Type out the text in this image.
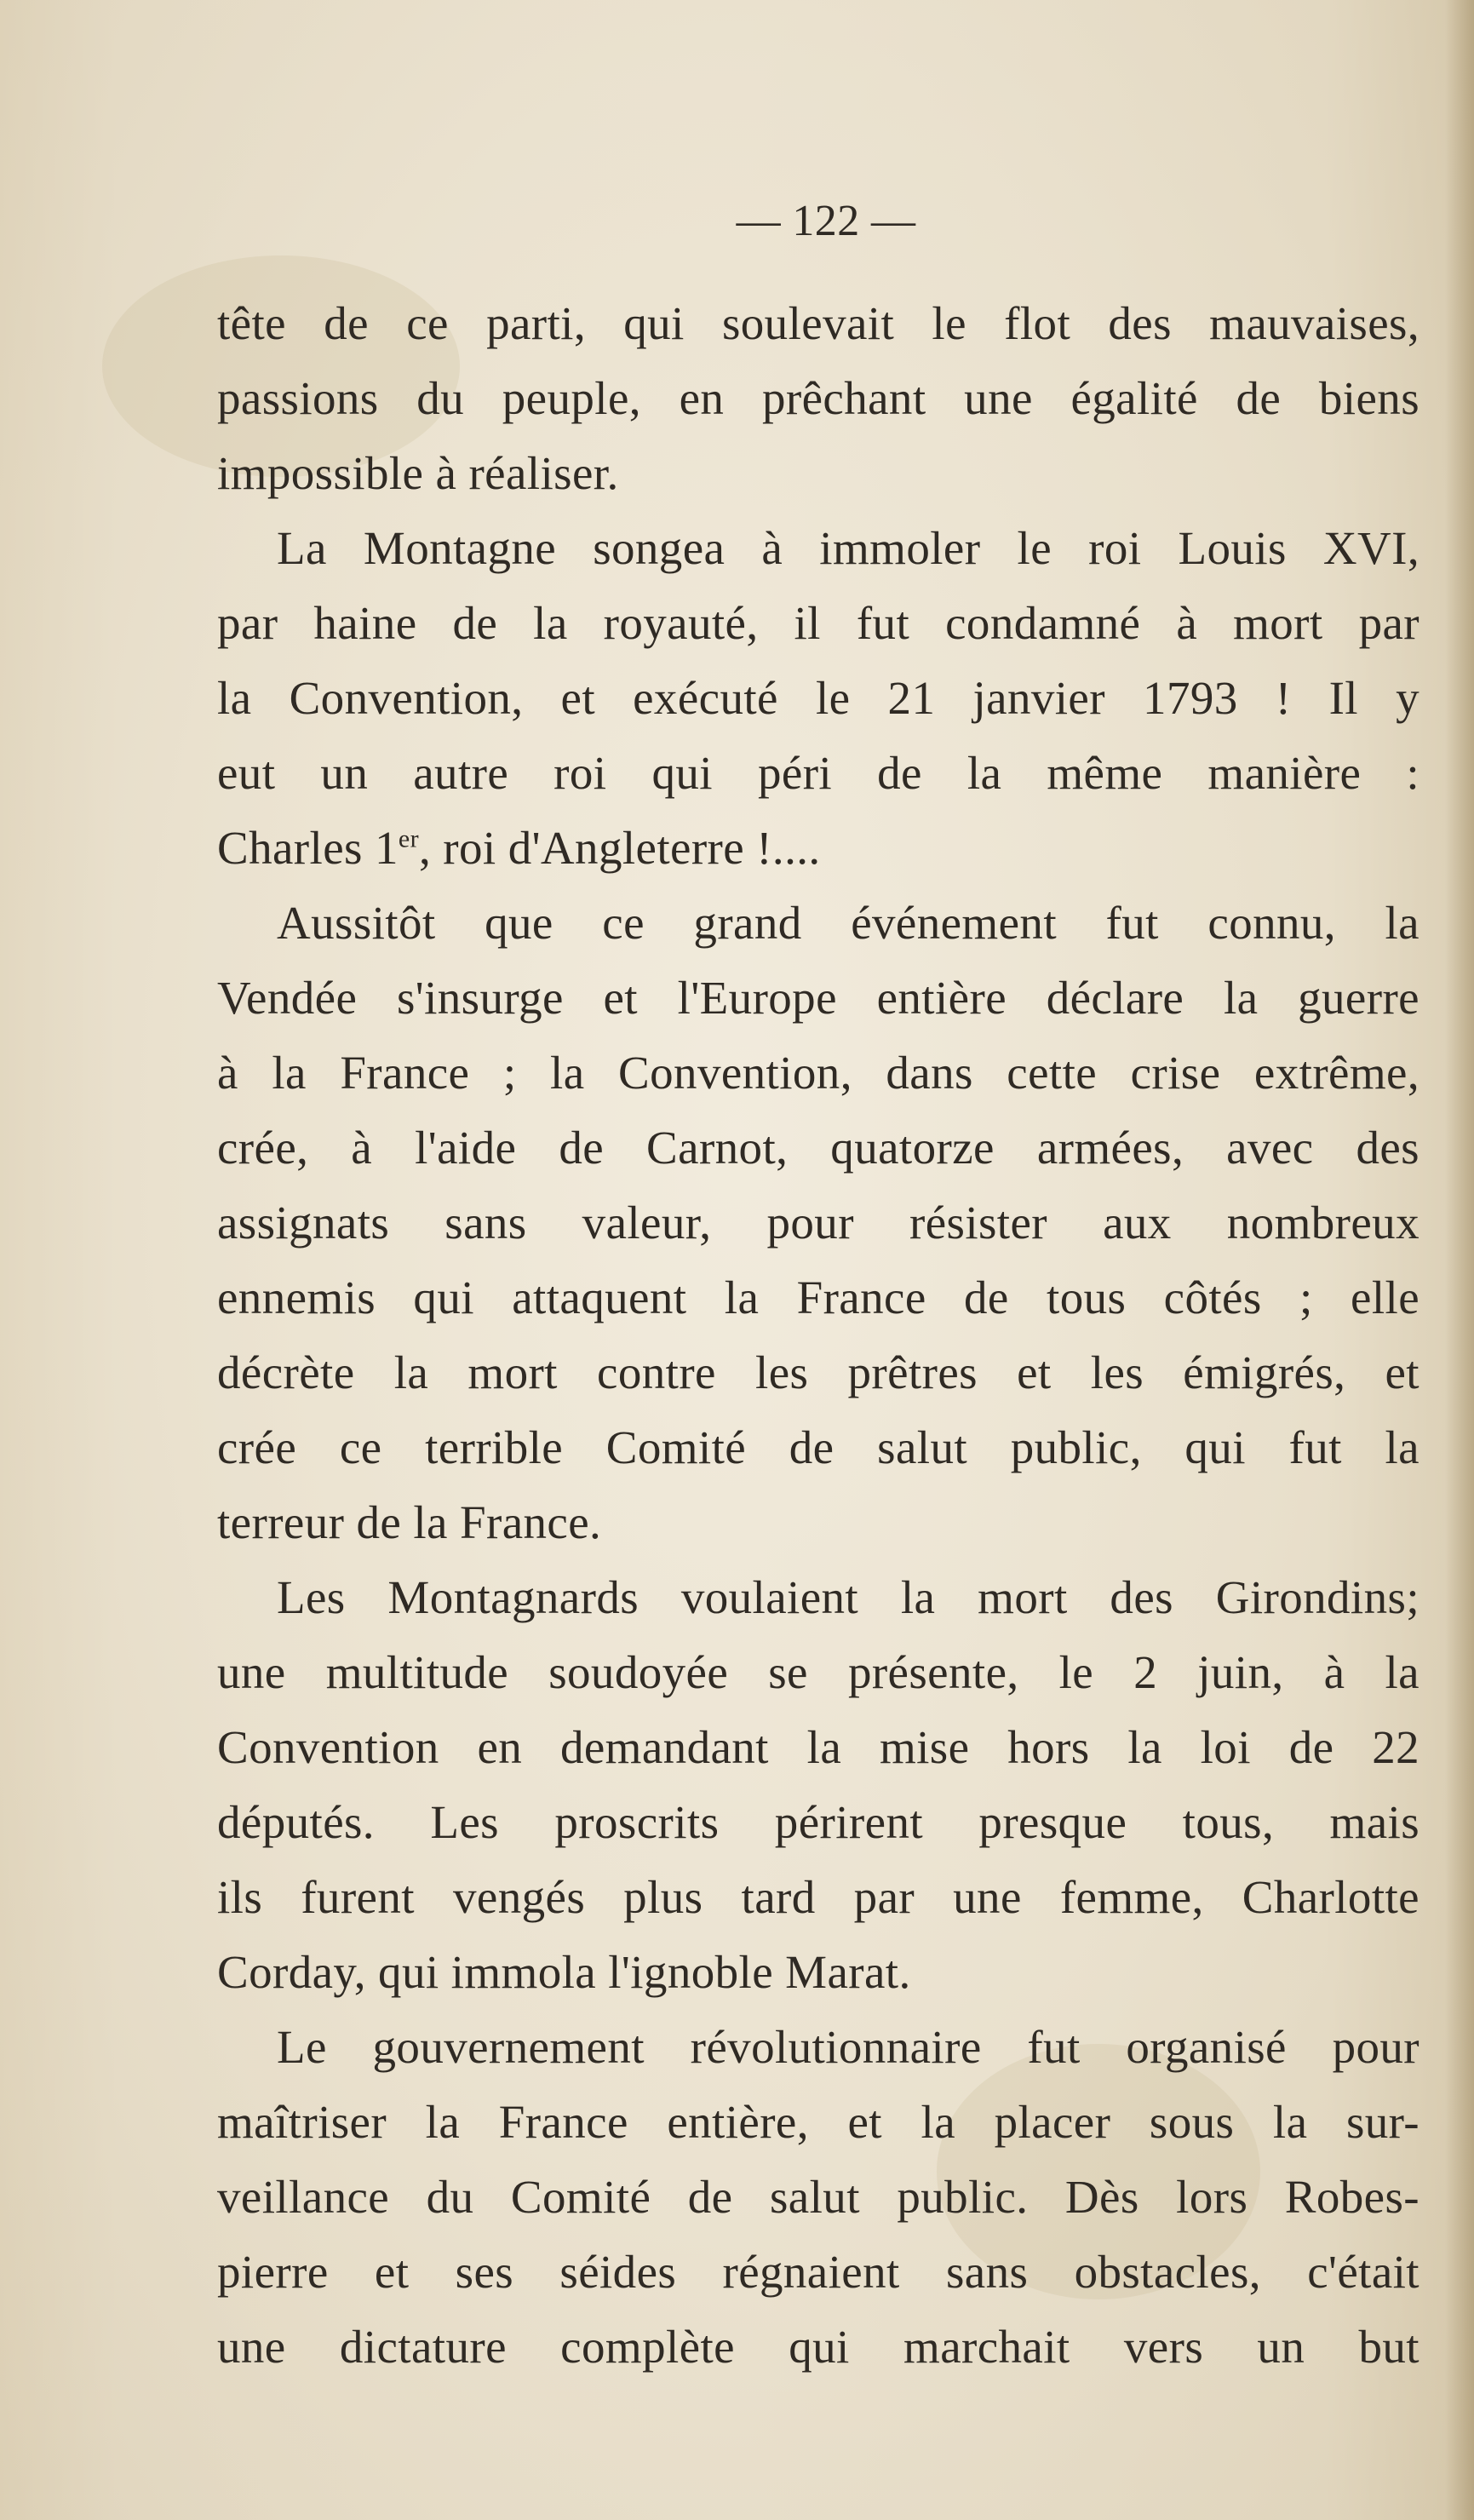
— 122 —
tête de ce parti, qui soulevait le flot des mauvaises,
passions du peuple, en prêchant une égalité de biens
impossible à réaliser.
La Montagne songea à immoler le roi Louis XVI,
par haine de la royauté, il fut condamné à mort par
la Convention, et exécuté le 21 janvier 1793 ! Il y
eut un autre roi qui péri de la même manière :
Charles 1er, roi d'Angleterre !....
Aussitôt que ce grand événement fut connu, la
Vendée s'insurge et l'Europe entière déclare la guerre
à la France ; la Convention, dans cette crise extrême,
crée, à l'aide de Carnot, quatorze armées, avec des
assignats sans valeur, pour résister aux nombreux
ennemis qui attaquent la France de tous côtés ; elle
décrète la mort contre les prêtres et les émigrés, et
crée ce terrible Comité de salut public, qui fut la
terreur de la France.
Les Montagnards voulaient la mort des Girondins;
une multitude soudoyée se présente, le 2 juin, à la
Convention en demandant la mise hors la loi de 22
députés. Les proscrits périrent presque tous, mais
ils furent vengés plus tard par une femme, Charlotte
Corday, qui immola l'ignoble Marat.
Le gouvernement révolutionnaire fut organisé pour
maîtriser la France entière, et la placer sous la sur-
veillance du Comité de salut public. Dès lors Robes-
pierre et ses séides régnaient sans obstacles, c'était
une dictature complète qui marchait vers un but
